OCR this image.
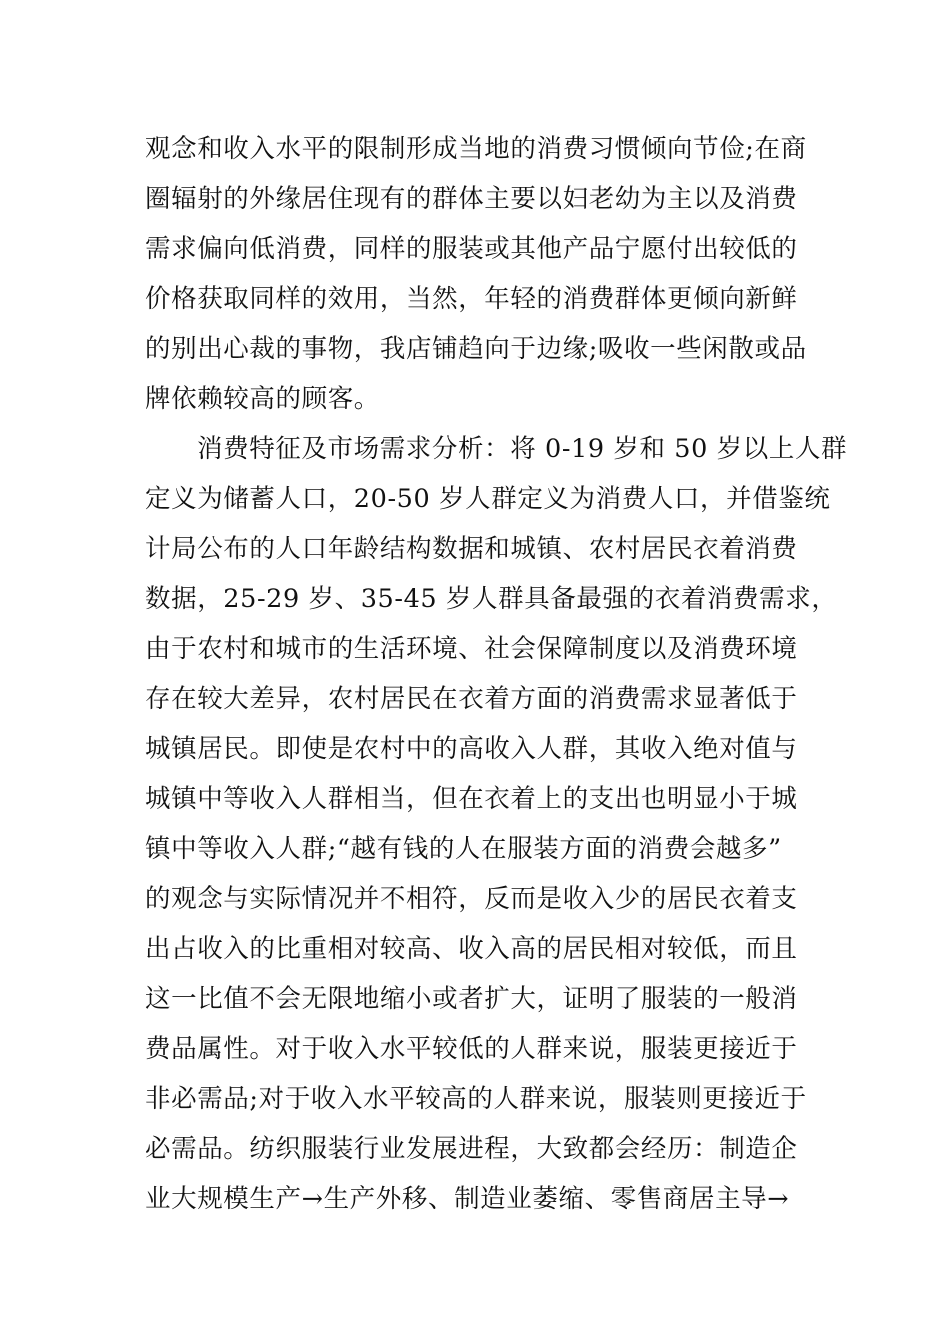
观念和收入水平的限制形成当地的消费习惯倾向节俭;在商
圈辐射的外缘居住现有的群体主要以妇老幼为主以及消费
需求偏向低消费，同样的服装或其他产品宁愿付出较低的
价格获取同样的效用，当然，年轻的消费群体更倾向新鲜
的别出心裁的事物，我店铺趋向于边缘;吸收一些闲散或品
牌依赖较高的顾客。
消费特征及市场需求分析：将 0-19 岁和 50 岁以上人群
定义为储蓄人口，20-50 岁人群定义为消费人口，并借鉴统
计局公布的人口年龄结构数据和城镇、农村居民衣着消费
数据，25-29 岁、35-45 岁人群具备最强的衣着消费需求，
由于农村和城市的生活环境、社会保障制度以及消费环境
存在较大差异，农村居民在衣着方面的消费需求显著低于
城镇居民。即使是农村中的高收入人群，其收入绝对值与
城镇中等收入人群相当，但在衣着上的支出也明显小于城
镇中等收入人群;“越有钱的人在服装方面的消费会越多”
的观念与实际情况并不相符，反而是收入少的居民衣着支
出占收入的比重相对较高、收入高的居民相对较低，而且
这一比值不会无限地缩小或者扩大，证明了服装的一般消
费品属性。对于收入水平较低的人群来说，服装更接近于
非必需品;对于收入水平较高的人群来说，服装则更接近于
必需品。纺织服装行业发展进程，大致都会经历：制造企
业大规模生产→生产外移、制造业萎缩、零售商居主导→
